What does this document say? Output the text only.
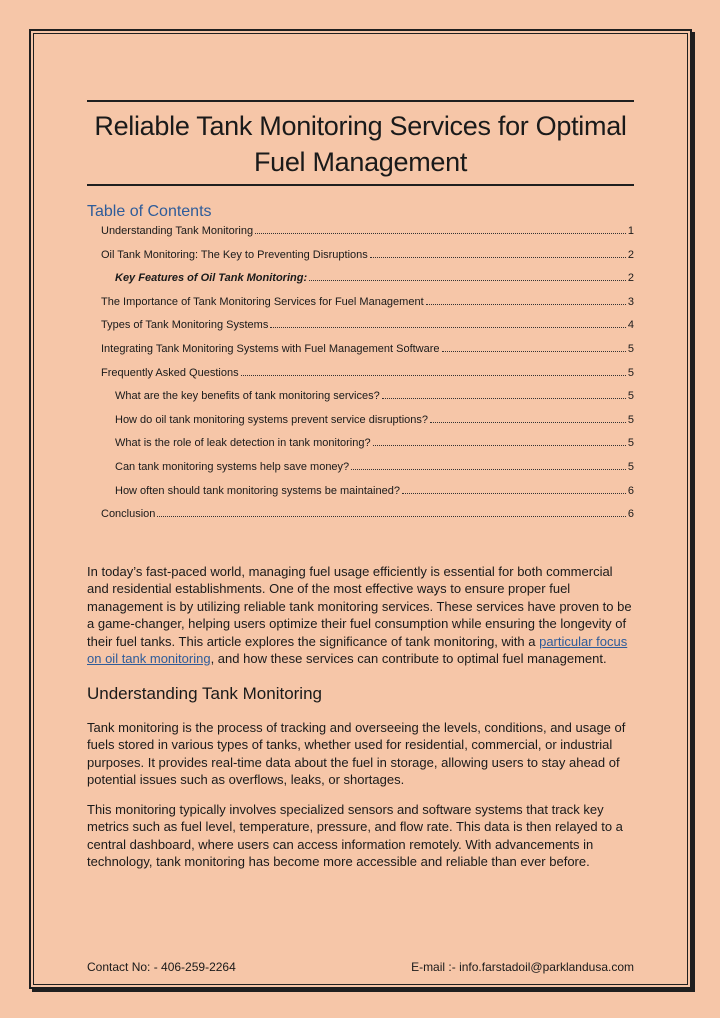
Reliable Tank Monitoring Services for Optimal Fuel Management
Table of Contents
Understanding Tank Monitoring	1
Oil Tank Monitoring: The Key to Preventing Disruptions	2
Key Features of Oil Tank Monitoring:	2
The Importance of Tank Monitoring Services for Fuel Management	3
Types of Tank Monitoring Systems	4
Integrating Tank Monitoring Systems with Fuel Management Software	5
Frequently Asked Questions	5
What are the key benefits of tank monitoring services?	5
How do oil tank monitoring systems prevent service disruptions?	5
What is the role of leak detection in tank monitoring?	5
Can tank monitoring systems help save money?	5
How often should tank monitoring systems be maintained?	6
Conclusion	6

In today’s fast-paced world, managing fuel usage efficiently is essential for both commercial and residential establishments. One of the most effective ways to ensure proper fuel management is by utilizing reliable tank monitoring services. These services have proven to be a game-changer, helping users optimize their fuel consumption while ensuring the longevity of their fuel tanks. This article explores the significance of tank monitoring, with a particular focus on oil tank monitoring, and how these services can contribute to optimal fuel management.

Understanding Tank Monitoring

Tank monitoring is the process of tracking and overseeing the levels, conditions, and usage of fuels stored in various types of tanks, whether used for residential, commercial, or industrial purposes. It provides real-time data about the fuel in storage, allowing users to stay ahead of potential issues such as overflows, leaks, or shortages.

This monitoring typically involves specialized sensors and software systems that track key metrics such as fuel level, temperature, pressure, and flow rate. This data is then relayed to a central dashboard, where users can access information remotely. With advancements in technology, tank monitoring has become more accessible and reliable than ever before.

Contact No: - 406-259-2264	E-mail :- info.farstadoil@parklandusa.com
